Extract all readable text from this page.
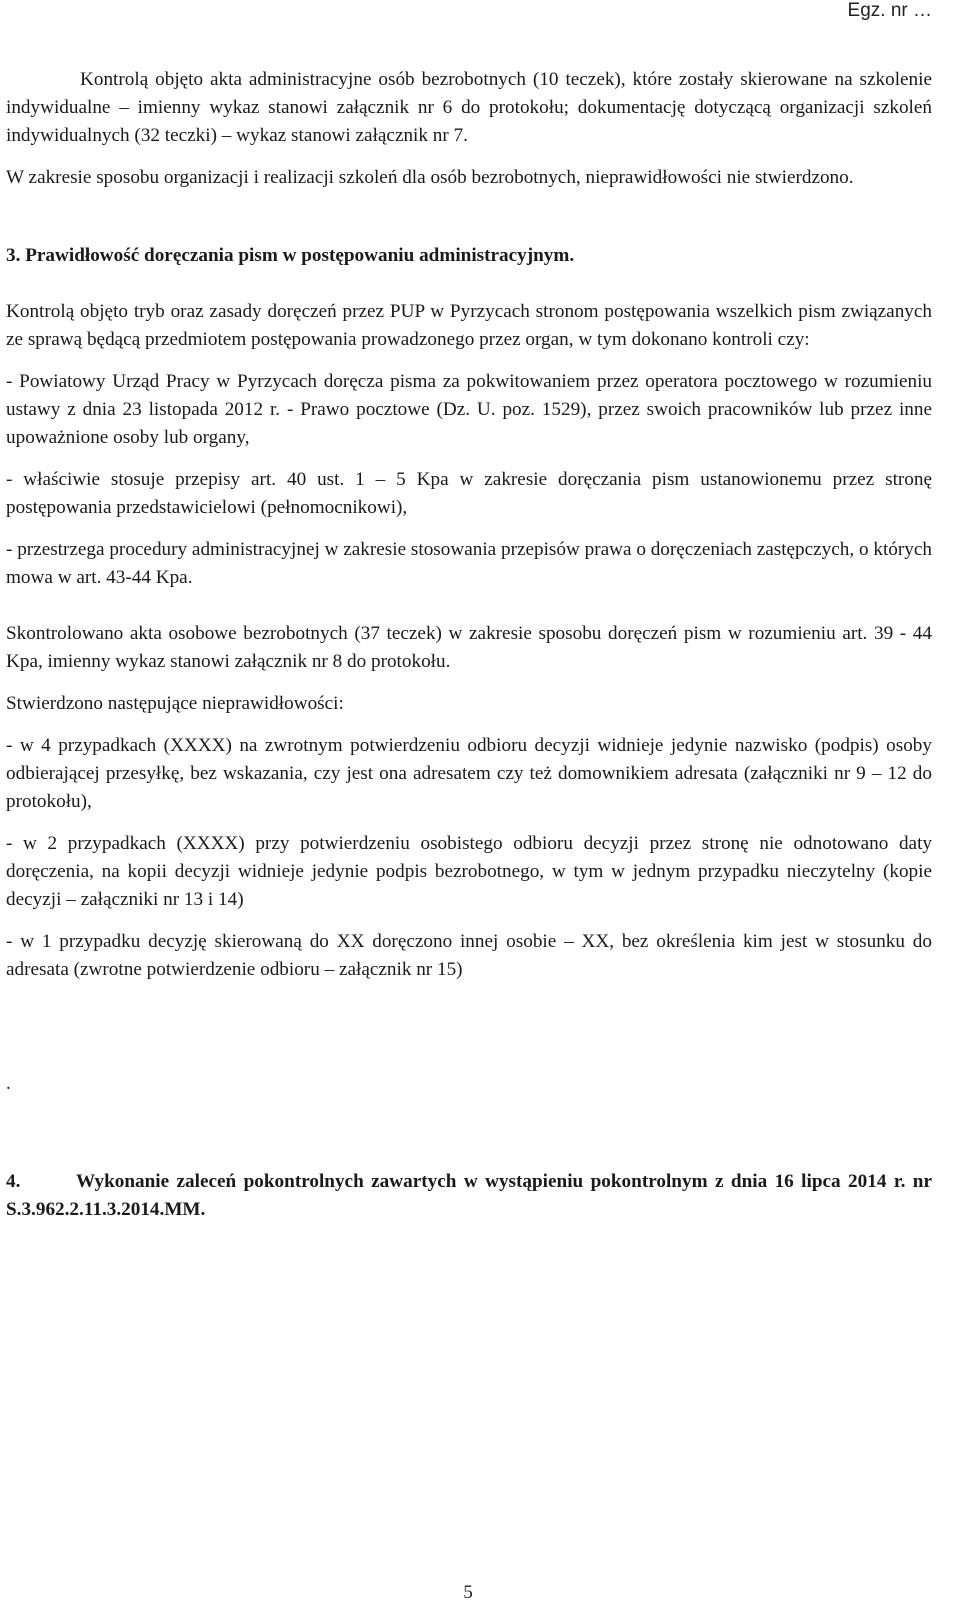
Egz. nr …

Kontrolą objęto akta administracyjne osób bezrobotnych (10 teczek), które zostały skierowane na szkolenie indywidualne – imienny wykaz stanowi załącznik nr 6 do protokołu; dokumentację dotyczącą organizacji szkoleń indywidualnych (32 teczki) – wykaz stanowi załącznik nr 7.

W zakresie sposobu organizacji i realizacji szkoleń dla osób bezrobotnych, nieprawidłowości nie stwierdzono.

3. Prawidłowość doręczania pism w postępowaniu administracyjnym.

Kontrolą objęto tryb oraz zasady doręczeń przez PUP w Pyrzycach stronom postępowania wszelkich pism związanych ze sprawą będącą przedmiotem postępowania prowadzonego przez organ, w tym dokonano kontroli czy:

- Powiatowy Urząd Pracy w Pyrzycach doręcza pisma za pokwitowaniem przez operatora pocztowego w rozumieniu ustawy z dnia 23 listopada 2012 r. - Prawo pocztowe (Dz. U. poz. 1529), przez swoich pracowników lub przez inne upoważnione osoby lub organy,

- właściwie stosuje przepisy art. 40 ust. 1 – 5 Kpa w zakresie doręczania pism ustanowionemu przez stronę postępowania przedstawicielowi (pełnomocnikowi),

- przestrzega procedury administracyjnej w zakresie stosowania przepisów prawa o doręczeniach zastępczych, o których mowa w art. 43-44 Kpa.

Skontrolowano akta osobowe bezrobotnych (37 teczek) w zakresie sposobu doręczeń pism w rozumieniu art. 39 - 44 Kpa, imienny wykaz stanowi załącznik nr 8 do protokołu.

Stwierdzono następujące nieprawidłowości:

- w 4 przypadkach (XXXX) na zwrotnym potwierdzeniu odbioru decyzji widnieje jedynie nazwisko (podpis) osoby odbierającej przesyłkę, bez wskazania, czy jest ona adresatem czy też domownikiem adresata (załączniki nr 9 – 12 do protokołu),

- w 2 przypadkach (XXXX) przy potwierdzeniu osobistego odbioru decyzji przez stronę nie odnotowano daty doręczenia, na kopii decyzji widnieje jedynie podpis bezrobotnego, w tym w jednym przypadku nieczytelny (kopie decyzji – załączniki nr 13 i 14)

- w 1 przypadku decyzję skierowaną do XX doręczono innej osobie – XX, bez określenia kim jest w stosunku do adresata (zwrotne potwierdzenie odbioru – załącznik nr 15)

.

4.	Wykonanie zaleceń pokontrolnych zawartych w wystąpieniu pokontrolnym z dnia 16 lipca 2014 r. nr S.3.962.2.11.3.2014.MM.

5
